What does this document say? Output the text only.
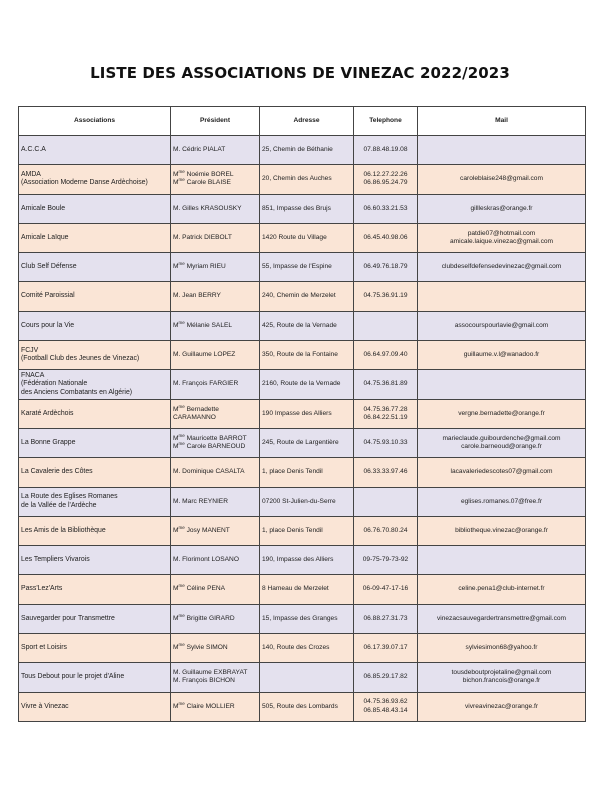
LISTE DES ASSOCIATIONS DE VINEZAC 2022/2023
Associations	Président	Adresse	Telephone	Mail

A.C.C.A	M. Cédric PIALAT	25, Chemin de Béthanie	07.88.48.19.08	

AMDA
(Association Moderne Danse Ardèchoise)	$M^{me}$ Noémie BOREL
$M^{me}$ Carole BLAISE	20, Chemin des Auches	06.12.27.22.26
06.86.95.24.79	caroleblaise248@gmail.com

Amicale Boule	M. Gilles KRASOUSKY	851, Impasse des Brujs	06.60.33.21.53	gillleskras@orange.fr

Amicale Laïque	M. Patrick DIEBOLT	1420 Route du Village	06.45.40.98.06	patdie07@hotmail.com
amicale.laique.vinezac@gmail.com

Club Self Défense	$M^{me}$ Myriam RIEU	55, Impasse de l'Espine	06.49.76.18.79	clubdeselfdefensedevinezac@gmail.com

Comité Paroissial	M. Jean BERRY	240, Chemin de Merzelet	04.75.36.91.19	

Cours pour la Vie	$M^{me}$ Mélanie SALEL	425, Route de la Vernade		assocourspourlavie@gmail.com

FCJV
(Football Club des Jeunes de Vinezac)	M. Guillaume LOPEZ	350, Route de la Fontaine	06.64.97.09.40	guillaume.v.l@wanadoo.fr

FNACA
(Fédération Nationale
des Anciens Combatants en Algérie)	M. François FARGIER	2160, Route de la Vernade	04.75.36.81.89	

Karaté Ardèchois	$M^{me}$ Bernadette
CARAMANNO	190 Impasse des Alliers	04.75.36.77.28
06.84.22.51.19	vergne.bernadette@orange.fr

La Bonne Grappe	$M^{me}$ Mauricette BARROT
$M^{me}$ Carole BARNEOUD	245, Route de Largentière	04.75.93.10.33	marieclaude.guibourdenche@gmail.com
carole.barneoud@orange.fr

La Cavalerie des Côtes	M. Dominique CASALTA	1, place Denis Tendil	06.33.33.97.46	lacavaleriedescotes07@gmail.com

La Route des Eglises Romanes
de la Vallée de l'Ardèche	M. Marc REYNIER	07200 St-Julien-du-Serre		eglises.romanes.07@free.fr

Les Amis de la Bibliothèque	$M^{me}$ Josy MANENT	1, place Denis Tendil	06.76.70.80.24	bibliotheque.vinezac@orange.fr

Les Templiers Vivarois	M. Florimont LOSANO	190, Impasse des Alliers	09-75-79-73-92	

Pass'Lez'Arts	$M^{me}$ Céline PENA	8 Hameau de Merzelet	06-09-47-17-16	celine.pena1@club-internet.fr

Sauvegarder pour Transmettre	$M^{me}$ Brigitte GIRARD	15, Impasse des Granges	06.88.27.31.73	vinezacsauvegardertransmettre@gmail.com

Sport et Loisirs	$M^{me}$ Sylvie SIMON	140, Route des Crozes	06.17.39.07.17	sylviesimon68@yahoo.fr

Tous Debout pour le projet d'Aline	M. Guillaume EXBRAYAT
M. François BICHON		06.85.29.17.82	tousdeboutprojetaline@gmail.com
bichon.francois@orange.fr

Vivre à Vinezac	$M^{me}$ Claire MOLLIER	505, Route des Lombards	04.75.36.93.62
06.85.48.43.14	vivreavinezac@orange.fr
